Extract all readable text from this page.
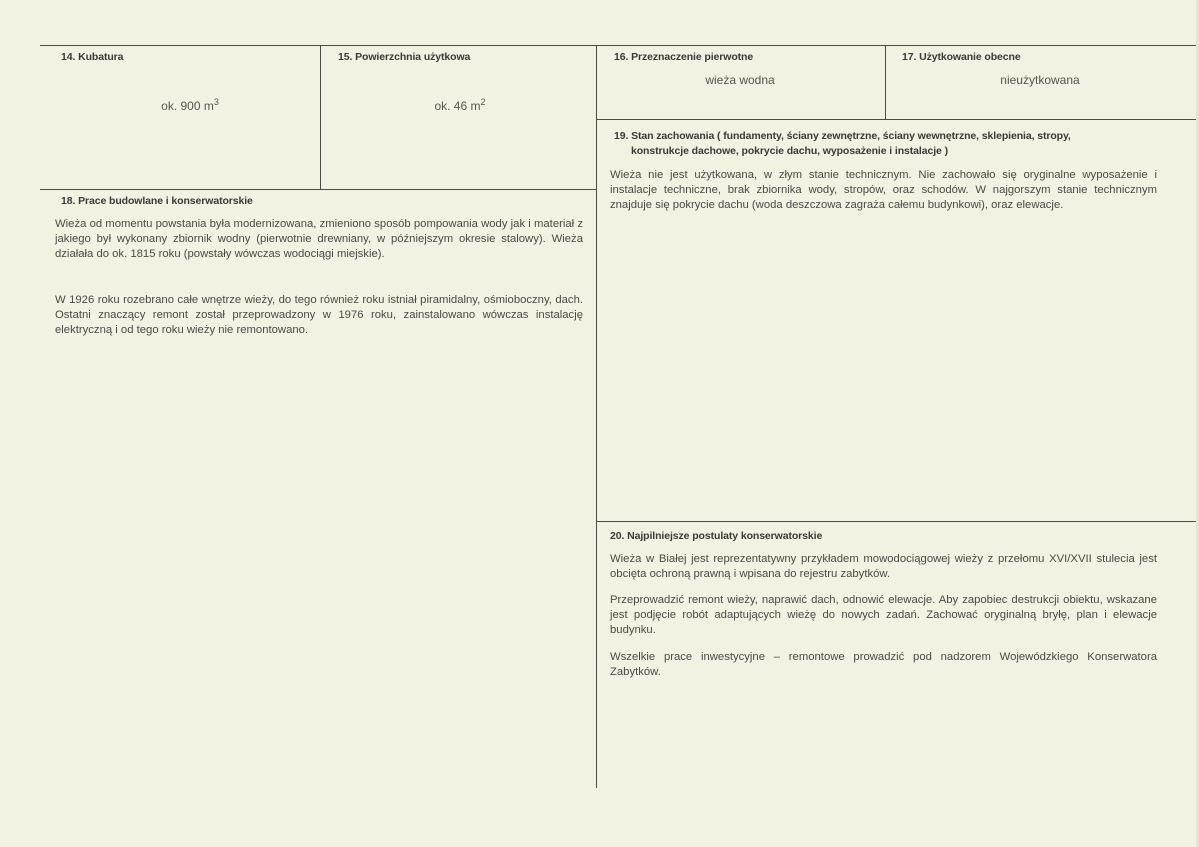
14. Kubatura
ok. 900 $m^3$
15. Powierzchnia użytkowa
ok. 46 $m^2$
16. Przeznaczenie pierwotne
wieża wodna
17. Użytkowanie obecne
nieużytkowana
18. Prace budowlane i konserwatorskie

Wieża od momentu powstania była modernizowana, zmieniono sposób pompowania wody jak i materiał z jakiego był wykonany zbiornik wodny (pierwotnie drewniany, w późniejszym okresie stalowy). Wieża działała do ok. 1815 roku (powstały wówczas wodociągi miejskie).

W 1926 roku rozebrano całe wnętrze wieży, do tego również roku istniał piramidalny, ośmioboczny, dach. Ostatni znaczący remont został przeprowadzony w 1976 roku, zainstalowano wówczas instalację elektryczną i od tego roku wieży nie remontowano.

19. Stan zachowania ( fundamenty, ściany zewnętrzne, ściany wewnętrzne, sklepienia, stropy,
konstrukcje dachowe, pokrycie dachu, wyposażenie i instalacje )

Wieża nie jest użytkowana, w złym stanie technicznym. Nie zachowało się oryginalne wyposażenie i instalacje techniczne, brak zbiornika wody, stropów, oraz schodów. W najgorszym stanie technicznym znajduje się pokrycie dachu (woda deszczowa zagraża całemu budynkowi), oraz elewacje.

20. Najpilniejsze postulaty konserwatorskie

Wieża w Białej jest reprezentatywny przykładem mowodociągowej wieży z przełomu XVI/XVII stulecia jest obcięta ochroną prawną i wpisana do rejestru zabytków.

Przeprowadzić remont wieży, naprawić dach, odnowić elewacje. Aby zapobiec destrukcji obiektu, wskazane jest podjęcie robót adaptujących wieżę do nowych zadań. Zachować oryginalną bryłę, plan i elewacje budynku.

Wszelkie prace inwestycyjne – remontowe prowadzić pod nadzorem Wojewódzkiego Konserwatora Zabytków.
